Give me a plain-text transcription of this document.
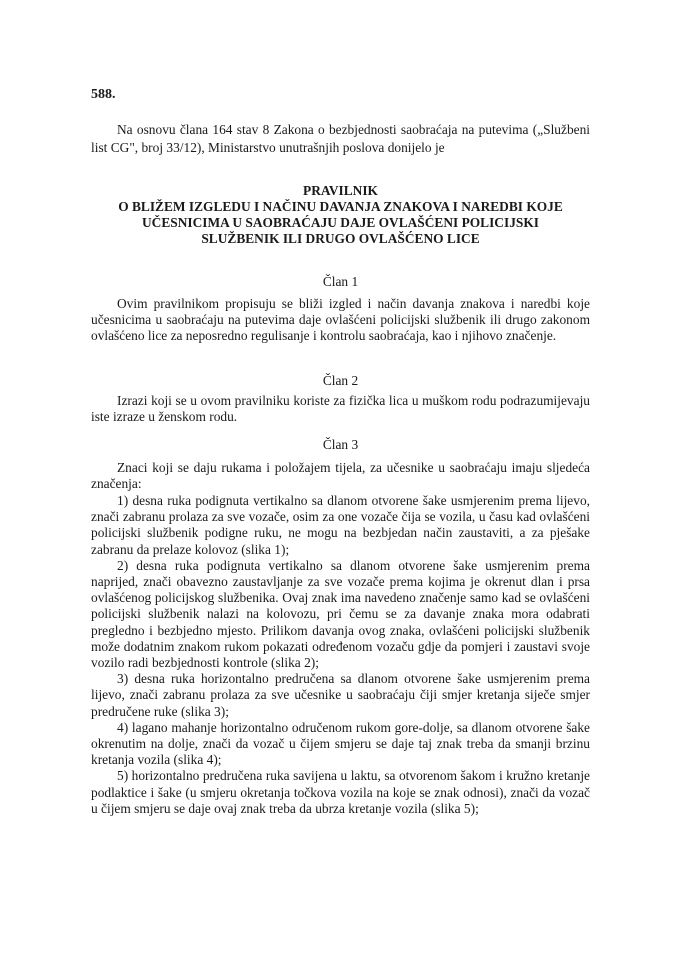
588.

Na osnovu člana 164 stav 8 Zakona o bezbjednosti saobraćaja na putevima („Službeni list CG", broj 33/12), Ministarstvo unutrašnjih poslova donijelo je

PRAVILNIK
O BLIŽEM IZGLEDU I NAČINU DAVANJA ZNAKOVA I NAREDBI KOJE
UČESNICIMA U SAOBRAĆAJU DAJE OVLAŠĆENI POLICIJSKI
SLUŽBENIK ILI DRUGO OVLAŠĆENO LICE
Član 1

Ovim pravilnikom propisuju se bliži izgled i način davanja znakova i naredbi koje učesnicima u saobraćaju na putevima daje ovlašćeni policijski službenik ili drugo zakonom ovlašćeno lice za neposredno regulisanje i kontrolu saobraćaja, kao i njihovo značenje.

Član 2

Izrazi koji se u ovom pravilniku koriste za fizička lica u muškom rodu podrazumijevaju iste izraze u ženskom rodu.

Član 3

Znaci koji se daju rukama i položajem tijela, za učesnike u saobraćaju imaju sljedeća značenja:

1) desna ruka podignuta vertikalno sa dlanom otvorene šake usmjerenim prema lijevo, znači zabranu prolaza za sve vozače, osim za one vozače čija se vozila, u času kad ovlašćeni policijski službenik podigne ruku, ne mogu na bezbjedan način zaustaviti, a za pješake zabranu da prelaze kolovoz (slika 1);

2) desna ruka podignuta vertikalno sa dlanom otvorene šake usmjerenim prema naprijed, znači obavezno zaustavljanje za sve vozače prema kojima je okrenut dlan i prsa ovlašćenog policijskog službenika. Ovaj znak ima navedeno značenje samo kad se ovlašćeni policijski službenik nalazi na kolovozu, pri čemu se za davanje znaka mora odabrati pregledno i bezbjedno mjesto. Prilikom davanja ovog znaka, ovlašćeni policijski službenik može dodatnim znakom rukom pokazati određenom vozaču gdje da pomjeri i zaustavi svoje vozilo radi bezbjednosti kontrole (slika 2);

3) desna ruka horizontalno predručena sa dlanom otvorene šake usmjerenim prema lijevo, znači zabranu prolaza za sve učesnike u saobraćaju čiji smjer kretanja siječe smjer predručene ruke (slika 3);

4) lagano mahanje horizontalno odručenom rukom gore-dolje, sa dlanom otvorene šake okrenutim na dolje, znači da vozač u čijem smjeru se daje taj znak treba da smanji brzinu kretanja vozila (slika 4);

5) horizontalno predručena ruka savijena u laktu, sa otvorenom šakom i kružno kretanje podlaktice i šake (u smjeru okretanja točkova vozila na koje se znak odnosi), znači da vozač u čijem smjeru se daje ovaj znak treba da ubrza kretanje vozila (slika 5);
